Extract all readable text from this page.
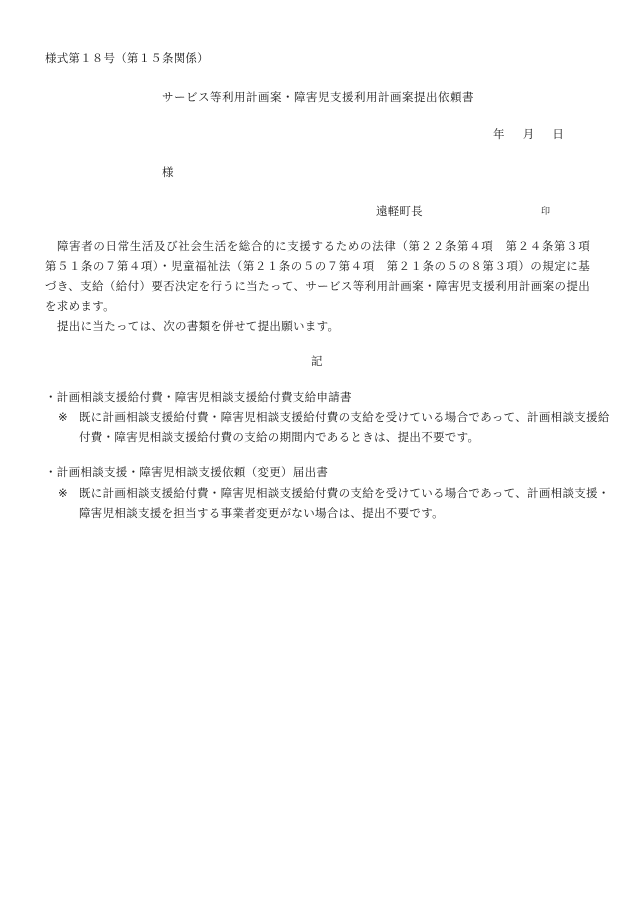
様式第１８号（第１５条関係）
サービス等利用計画案・障害児支援利用計画案提出依頼書
年 月 日
様
遠軽町長	印
障害者の日常生活及び社会生活を総合的に支援するための法律（第２２条第４項　第２４条第３項　第５１条の７第４項）・児童福祉法（第２１条の５の７第４項　第２１条の５の８第３項）の規定に基づき、支給（給付）要否決定を行うに当たって、サービス等利用計画案・障害児支援利用計画案の提出を求めます。
提出に当たっては、次の書類を併せて提出願います。
記
・計画相談支援給付費・障害児相談支援給付費支給申請書
※ 既に計画相談支援給付費・障害児相談支援給付費の支給を受けている場合であって、計画相談支援給付費・障害児相談支援給付費の支給の期間内であるときは、提出不要です。
・計画相談支援・障害児相談支援依頼（変更）届出書
※ 既に計画相談支援給付費・障害児相談支援給付費の支給を受けている場合であって、計画相談支援・障害児相談支援を担当する事業者変更がない場合は、提出不要です。
